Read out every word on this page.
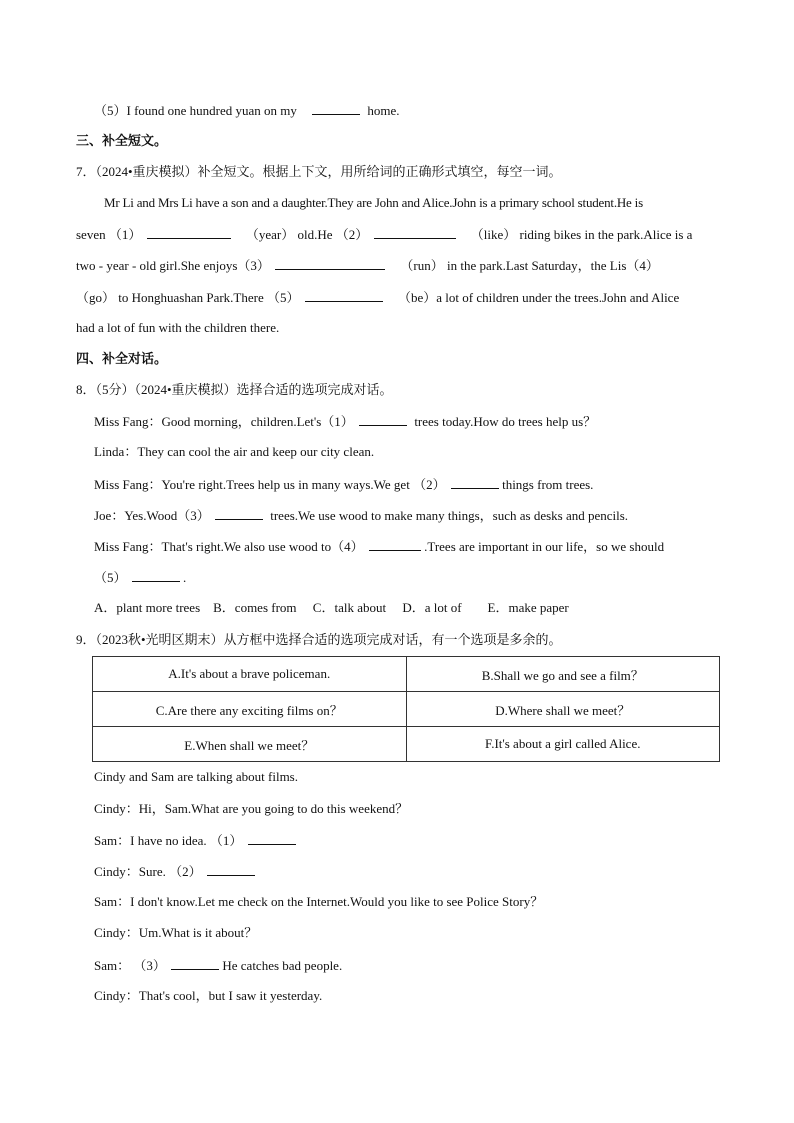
（5）I found one hundred yuan on my	home.
三、补全短文。
7．（2024•重庆模拟）补全短文。根据上下文，用所给词的正确形式填空，每空一词。
Mr Li and Mrs Li have a son and a daughter.They are John and Alice.John is a primary school student.He is
seven （1）	（year） old.He （2）	（like） riding bikes in the park.Alice is a
two - year - old girl.She enjoys（3）	（run） in the park.Last Saturday，the Lis（4）
（go） to Honghuashan Park.There （5）	（be）a lot of children under the trees.John and Alice
had a lot of fun with the children there.
四、补全对话。
8．（5分）（2024•重庆模拟）选择合适的选项完成对话。
Miss Fang：Good morning，children.Let's（1）	trees today.How do trees help us？
Linda：They can cool the air and keep our city clean.
Miss Fang：You're right.Trees help us in many ways.We get （2）	things from trees.
Joe：Yes.Wood（3）	trees.We use wood to make many things，such as desks and pencils.
Miss Fang：That's right.We also use wood to（4）	.Trees are important in our life，so we should
（5）	.
A．plant more trees　B．comes from　 C．talk about　 D．a lot of　　E．make paper
9．（2023秋•光明区期末）从方框中选择合适的选项完成对话，有一个选项是多余的。
A.It's about a brave policeman.	B.Shall we go and see a film？
C.Are there any exciting films on？	D.Where shall we meet？
E.When shall we meet？	F.It's about a girl called Alice.
Cindy and Sam are talking about films.
Cindy：Hi，Sam.What are you going to do this weekend？
Sam：I have no idea. （1）
Cindy：Sure. （2）
Sam：I don't know.Let me check on the Internet.Would you like to see Police Story？
Cindy：Um.What is it about？
Sam： （3）	He catches bad people.
Cindy：That's cool，but I saw it yesterday.
